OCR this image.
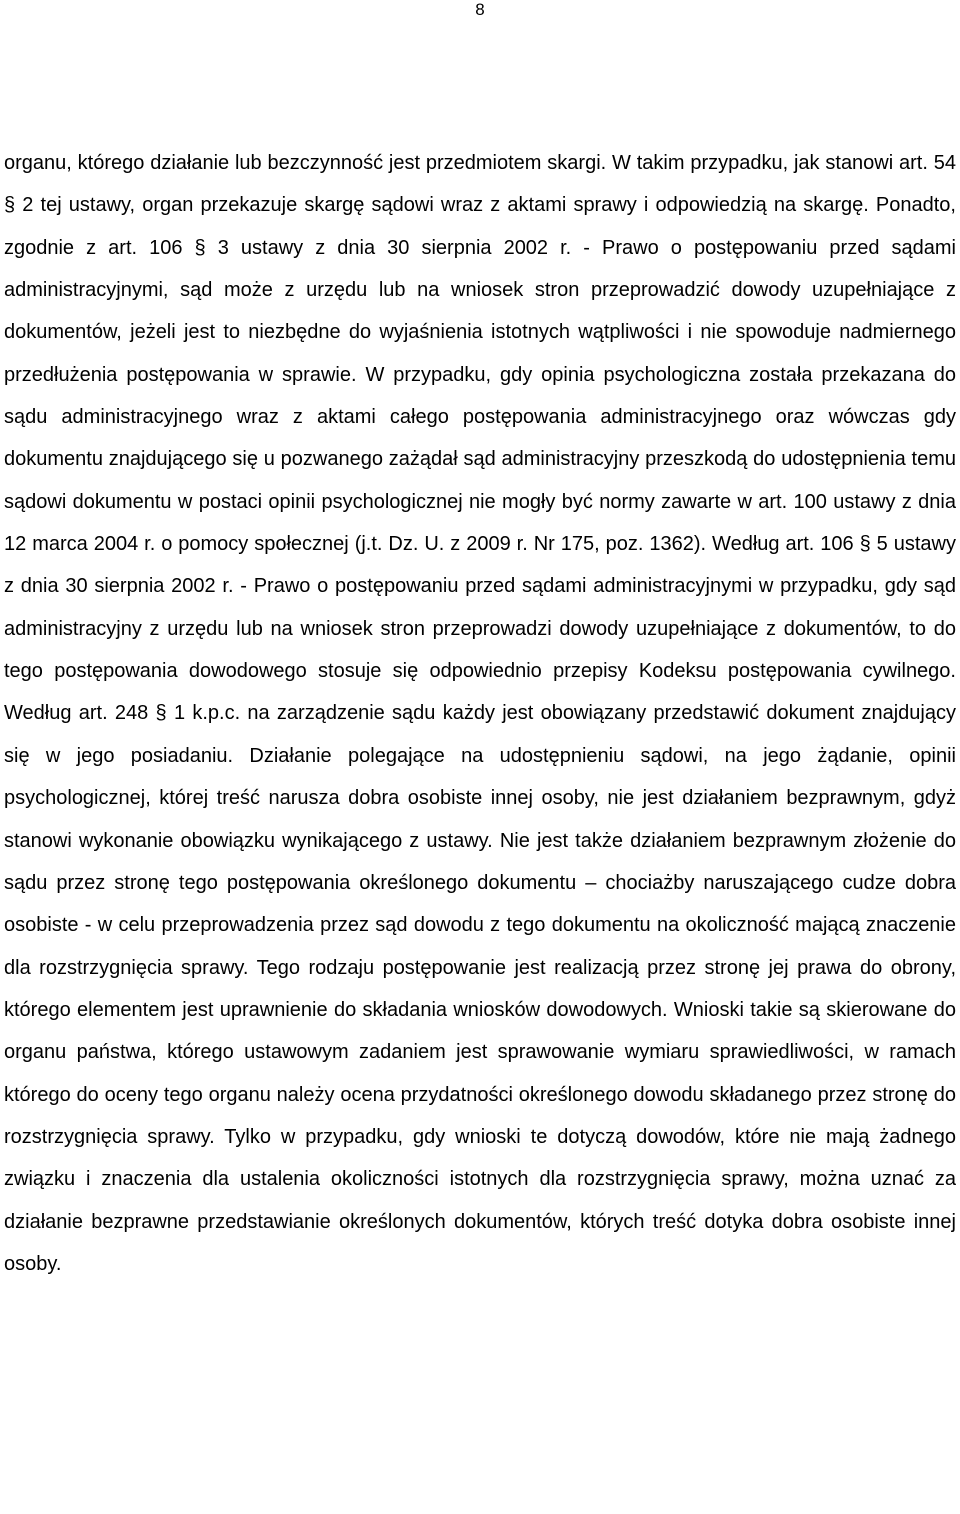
8

organu, którego działanie lub bezczynność jest przedmiotem skargi. W takim przypadku, jak stanowi art. 54 § 2 tej ustawy, organ przekazuje skargę sądowi wraz z aktami sprawy i odpowiedzią na skargę. Ponadto, zgodnie z art. 106 § 3 ustawy z dnia 30 sierpnia 2002 r. - Prawo o postępowaniu przed sądami administracyjnymi, sąd może z urzędu lub na wniosek stron przeprowadzić dowody uzupełniające z dokumentów, jeżeli jest to niezbędne do wyjaśnienia istotnych wątpliwości i nie spowoduje nadmiernego przedłużenia postępowania w sprawie. W przypadku, gdy opinia psychologiczna została przekazana do sądu administracyjnego wraz z aktami całego postępowania administracyjnego oraz wówczas gdy dokumentu znajdującego się u pozwanego zażądał sąd administracyjny przeszkodą do udostępnienia temu sądowi dokumentu w postaci opinii psychologicznej nie mogły być normy zawarte w art. 100 ustawy z dnia 12 marca 2004 r. o pomocy społecznej (j.t. Dz. U. z 2009 r. Nr 175, poz. 1362). Według art. 106 § 5 ustawy z dnia 30 sierpnia 2002 r. - Prawo o postępowaniu przed sądami administracyjnymi w przypadku, gdy sąd administracyjny z urzędu lub na wniosek stron przeprowadzi dowody uzupełniające z dokumentów, to do tego postępowania dowodowego stosuje się odpowiednio przepisy Kodeksu postępowania cywilnego. Według art. 248 § 1 k.p.c. na zarządzenie sądu każdy jest obowiązany przedstawić dokument znajdujący się w jego posiadaniu. Działanie polegające na udostępnieniu sądowi, na jego żądanie, opinii psychologicznej, której treść narusza dobra osobiste innej osoby, nie jest działaniem bezprawnym, gdyż stanowi wykonanie obowiązku wynikającego z ustawy. Nie jest także działaniem bezprawnym złożenie do sądu przez stronę tego postępowania określonego dokumentu – chociażby naruszającego cudze dobra osobiste - w celu przeprowadzenia przez sąd dowodu z tego dokumentu na okoliczność mającą znaczenie dla rozstrzygnięcia sprawy. Tego rodzaju postępowanie jest realizacją przez stronę jej prawa do obrony, którego elementem jest uprawnienie do składania wniosków dowodowych. Wnioski takie są skierowane do organu państwa, którego ustawowym zadaniem jest sprawowanie wymiaru sprawiedliwości, w ramach którego do oceny tego organu należy ocena przydatności określonego dowodu składanego przez stronę do rozstrzygnięcia sprawy. Tylko w przypadku, gdy wnioski te dotyczą dowodów, które nie mają żadnego związku i znaczenia dla ustalenia okoliczności istotnych dla rozstrzygnięcia sprawy, można uznać za działanie bezprawne przedstawianie określonych dokumentów, których treść dotyka dobra osobiste innej osoby.
